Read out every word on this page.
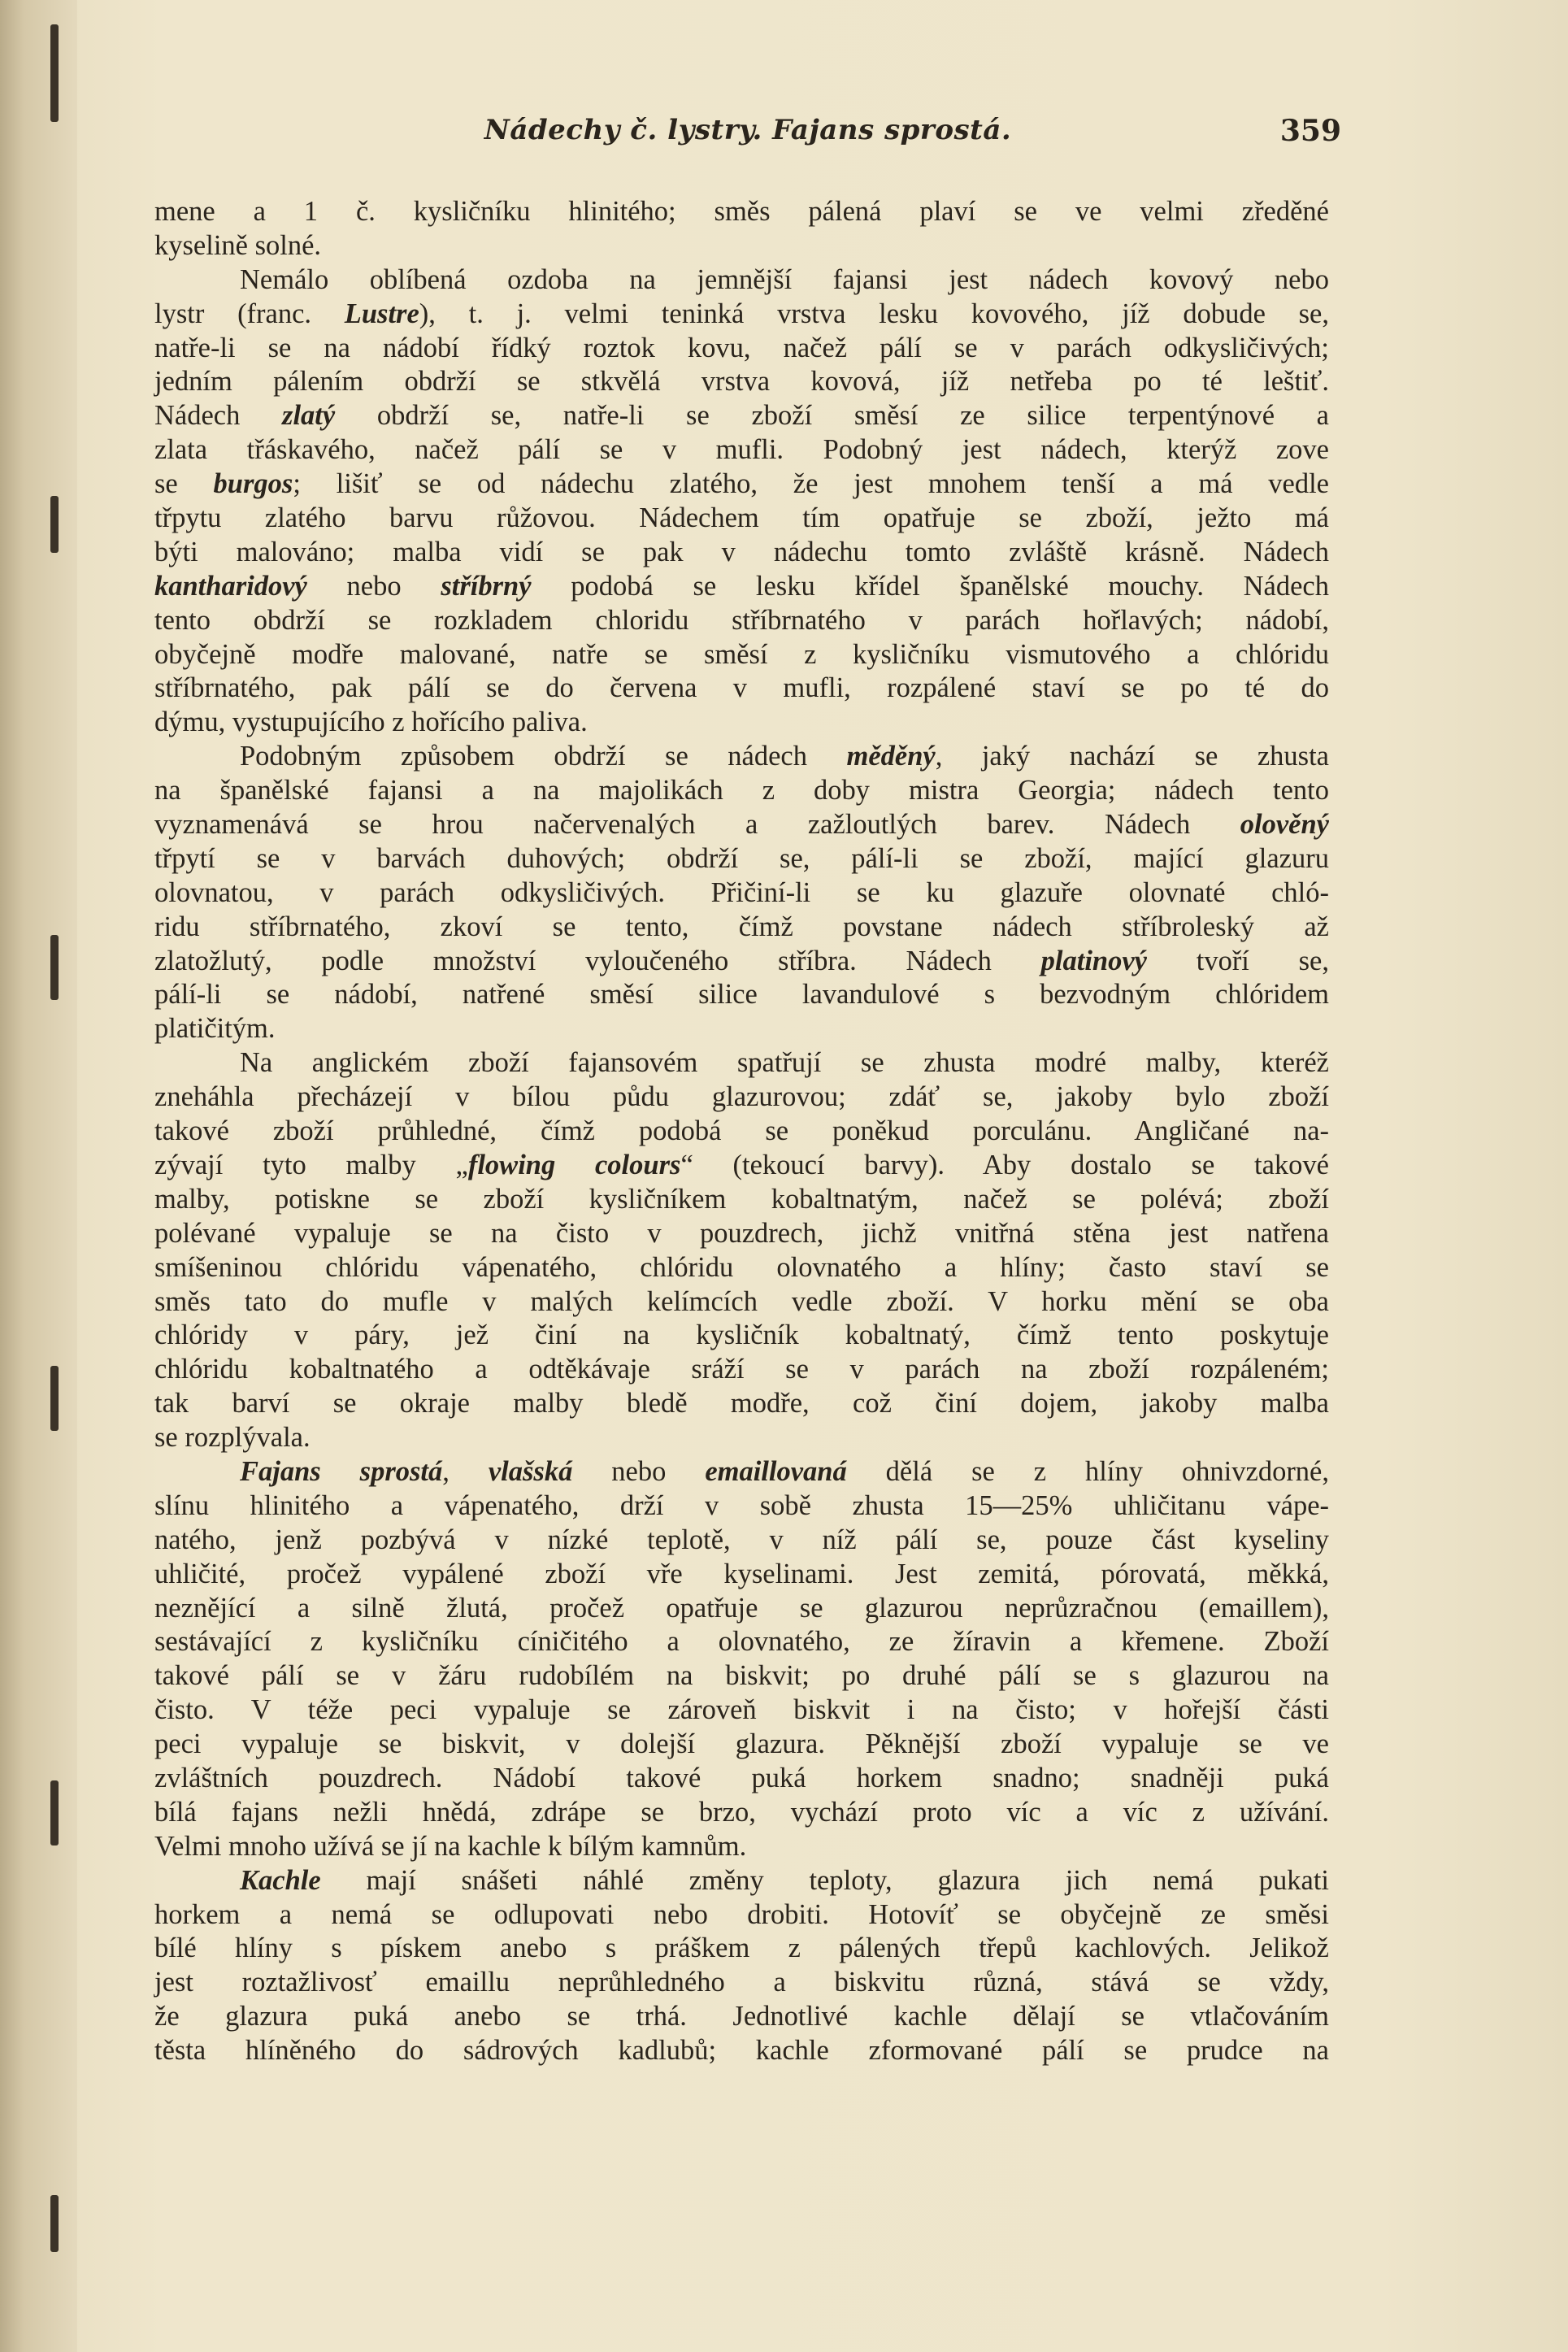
Nádechy č. lystry. Fajans sprostá.	359
mene a 1 č. kysličníku hlinitého; směs pálená plaví se ve velmi zředěné
kyselině solné.
Nemálo oblíbená ozdoba na jemnější fajansi jest nádech kovový nebo
lystr (franc. Lustre), t. j. velmi teninká vrstva lesku kovového, jíž dobude se,
natře-li se na nádobí řídký roztok kovu, načež pálí se v parách odkysličivých;
jedním pálením obdrží se stkvělá vrstva kovová, jíž netřeba po té leštiť.
Nádech zlatý obdrží se, natře-li se zboží směsí ze silice terpentýnové a
zlata třáskavého, načež pálí se v mufli. Podobný jest nádech, kterýž zove
se burgos; lišiť se od nádechu zlatého, že jest mnohem tenší a má vedle
třpytu zlatého barvu růžovou. Nádechem tím opatřuje se zboží, ježto má
býti malováno; malba vidí se pak v nádechu tomto zvláště krásně. Nádech
kantharidový nebo stříbrný podobá se lesku křídel španělské mouchy. Nádech
tento obdrží se rozkladem chloridu stříbrnatého v parách hořlavých; nádobí,
obyčejně modře malované, natře se směsí z kysličníku vismutového a chlóridu
stříbrnatého, pak pálí se do červena v mufli, rozpálené staví se po té do
dýmu, vystupujícího z hořícího paliva.
Podobným způsobem obdrží se nádech měděný, jaký nachází se zhusta
na španělské fajansi a na majolikách z doby mistra Georgia; nádech tento
vyznamenává se hrou načervenalých a zažloutlých barev. Nádech olověný
třpytí se v barvách duhových; obdrží se, pálí-li se zboží, mající glazuru
olovnatou, v parách odkysličivých. Přičiní-li se ku glazuře olovnaté chló-
ridu stříbrnatého, zkoví se tento, čímž povstane nádech stříbroleský až
zlatožlutý, podle množství vyloučeného stříbra. Nádech platinový tvoří se,
pálí-li se nádobí, natřené směsí silice lavandulové s bezvodným chlóridem
platičitým.
Na anglickém zboží fajansovém spatřují se zhusta modré malby, kteréž
zneháhla přecházejí v bílou půdu glazurovou; zdáť se, jakoby bylo zboží
takové zboží průhledné, čímž podobá se poněkud porculánu. Angličané na-
zývají tyto malby „flowing colours“ (tekoucí barvy). Aby dostalo se takové
malby, potiskne se zboží kysličníkem kobaltnatým, načež se polévá; zboží
polévané vypaluje se na čisto v pouzdrech, jichž vnitřná stěna jest natřena
smíšeninou chlóridu vápenatého, chlóridu olovnatého a hlíny; často staví se
směs tato do mufle v malých kelímcích vedle zboží. V horku mění se oba
chlóridy v páry, jež činí na kysličník kobaltnatý, čímž tento poskytuje
chlóridu kobaltnatého a odtěkávaje sráží se v parách na zboží rozpáleném;
tak barví se okraje malby bledě modře, což činí dojem, jakoby malba
se rozplývala.
Fajans sprostá, vlašská nebo emaillovaná dělá se z hlíny ohnivzdorné,
slínu hlinitého a vápenatého, drží v sobě zhusta 15—25% uhličitanu vápe-
natého, jenž pozbývá v nízké teplotě, v níž pálí se, pouze část kyseliny
uhličité, pročež vypálené zboží vře kyselinami. Jest zemitá, pórovatá, měkká,
neznějící a silně žlutá, pročež opatřuje se glazurou neprůzračnou (emaillem),
sestávající z kysličníku cíničitého a olovnatého, ze žíravin a křemene. Zboží
takové pálí se v žáru rudobílém na biskvit; po druhé pálí se s glazurou na
čisto. V téže peci vypaluje se zároveň biskvit i na čisto; v hořejší části
peci vypaluje se biskvit, v dolejší glazura. Pěknější zboží vypaluje se ve
zvláštních pouzdrech. Nádobí takové puká horkem snadno; snadněji puká
bílá fajans nežli hnědá, zdrápe se brzo, vychází proto víc a víc z užívání.
Velmi mnoho užívá se jí na kachle k bílým kamnům.
Kachle mají snášeti náhlé změny teploty, glazura jich nemá pukati
horkem a nemá se odlupovati nebo drobiti. Hotovíť se obyčejně ze směsi
bílé hlíny s pískem anebo s práškem z pálených třepů kachlových. Jelikož
jest roztažlivosť emaillu neprůhledného a biskvitu různá, stává se vždy,
že glazura puká anebo se trhá. Jednotlivé kachle dělají se vtlačováním
těsta hlíněného do sádrových kadlubů; kachle zformované pálí se prudce na
